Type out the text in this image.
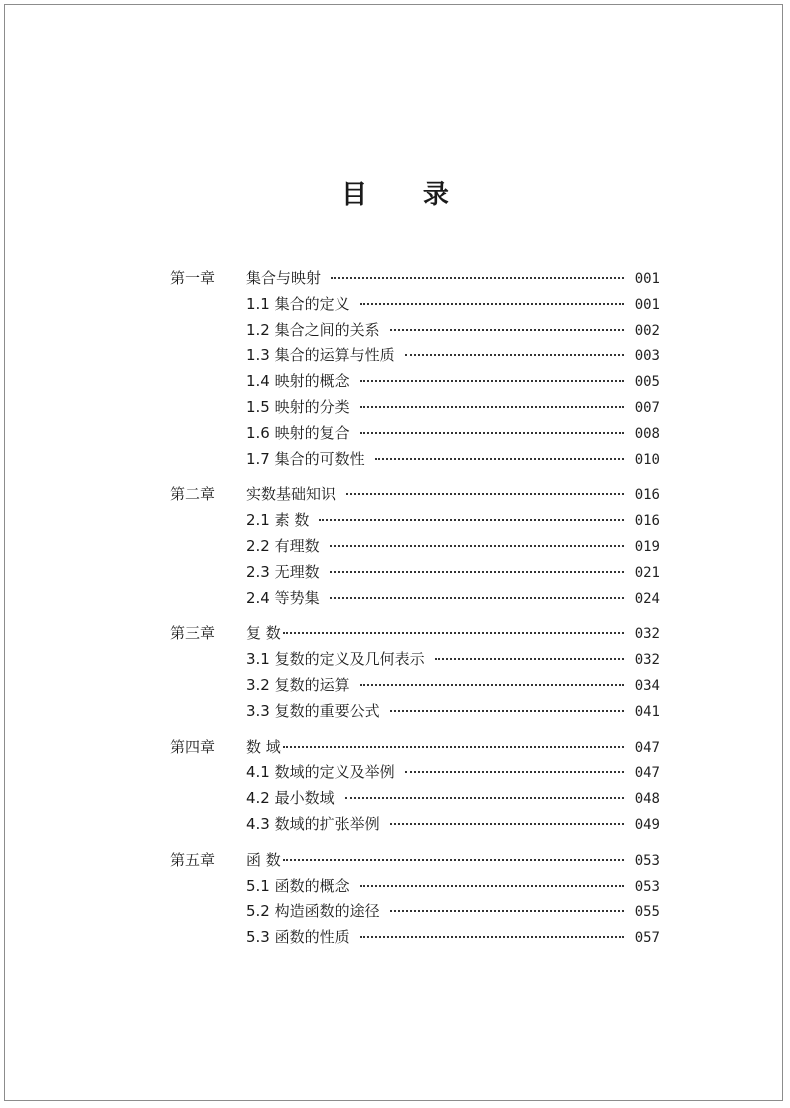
目 录
第一章	集合与映射	001
1.1 集合的定义	001
1.2 集合之间的关系	002
1.3 集合的运算与性质	003
1.4 映射的概念	005
1.5 映射的分类	007
1.6 映射的复合	008
1.7 集合的可数性	010
第二章	实数基础知识	016
2.1 素 数	016
2.2 有理数	019
2.3 无理数	021
2.4 等势集	024
第三章	复 数	032
3.1 复数的定义及几何表示	032
3.2 复数的运算	034
3.3 复数的重要公式	041
第四章	数 域	047
4.1 数域的定义及举例	047
4.2 最小数域	048
4.3 数域的扩张举例	049
第五章	函 数	053
5.1 函数的概念	053
5.2 构造函数的途径	055
5.3 函数的性质	057
